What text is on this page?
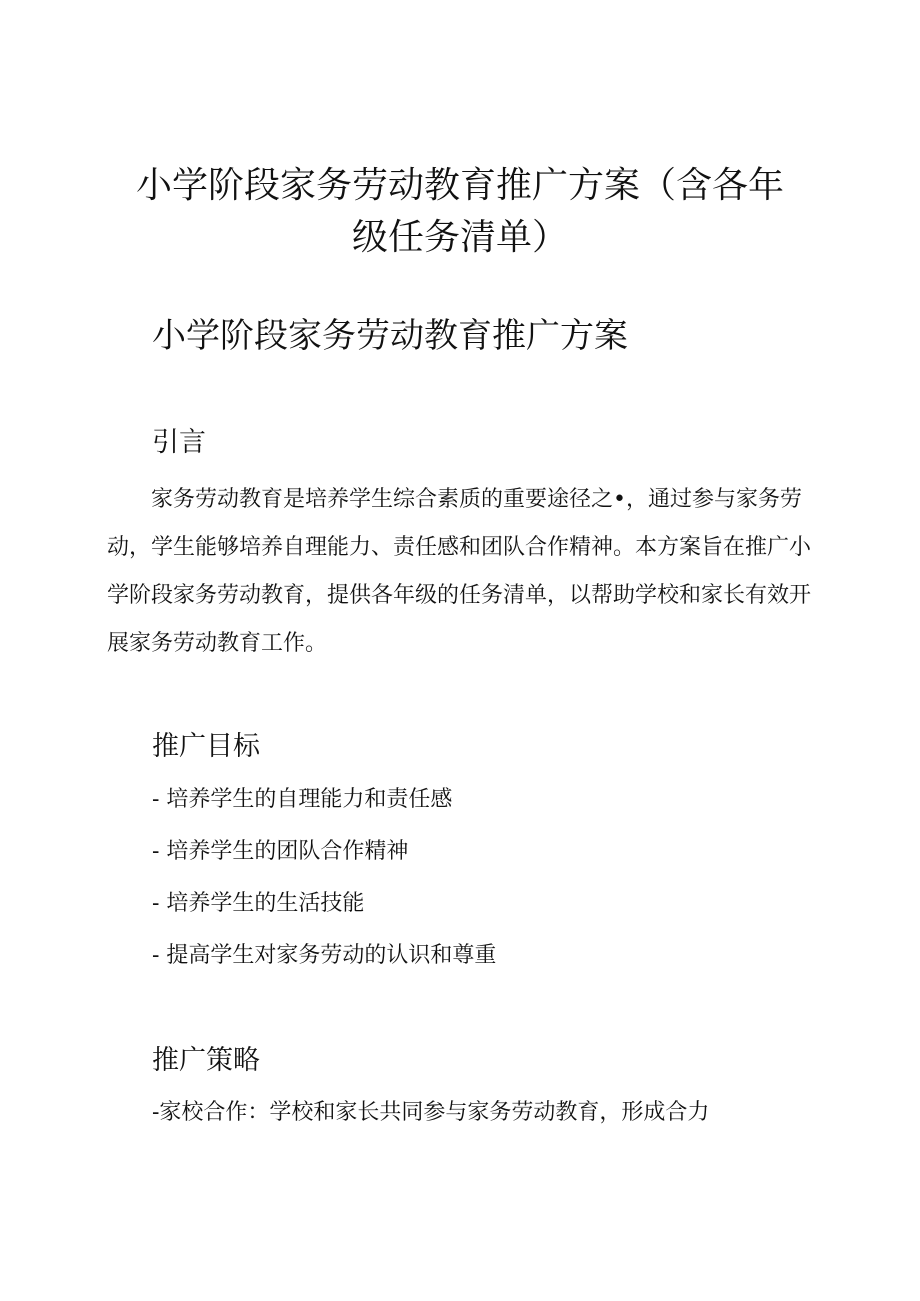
小学阶段家务劳动教育推广方案（含各年级任务清单）
小学阶段家务劳动教育推广方案
引言

家务劳动教育是培养学生综合素质的重要途径之•，通过参与家务劳动，学生能够培养自理能力、责任感和团队合作精神。本方案旨在推广小学阶段家务劳动教育，提供各年级的任务清单，以帮助学校和家长有效开展家务劳动教育工作。

推广目标

- 培养学生的自理能力和责任感

- 培养学生的团队合作精神

- 培养学生的生活技能

- 提高学生对家务劳动的认识和尊重

推广策略

-家校合作：学校和家长共同参与家务劳动教育，形成合力
